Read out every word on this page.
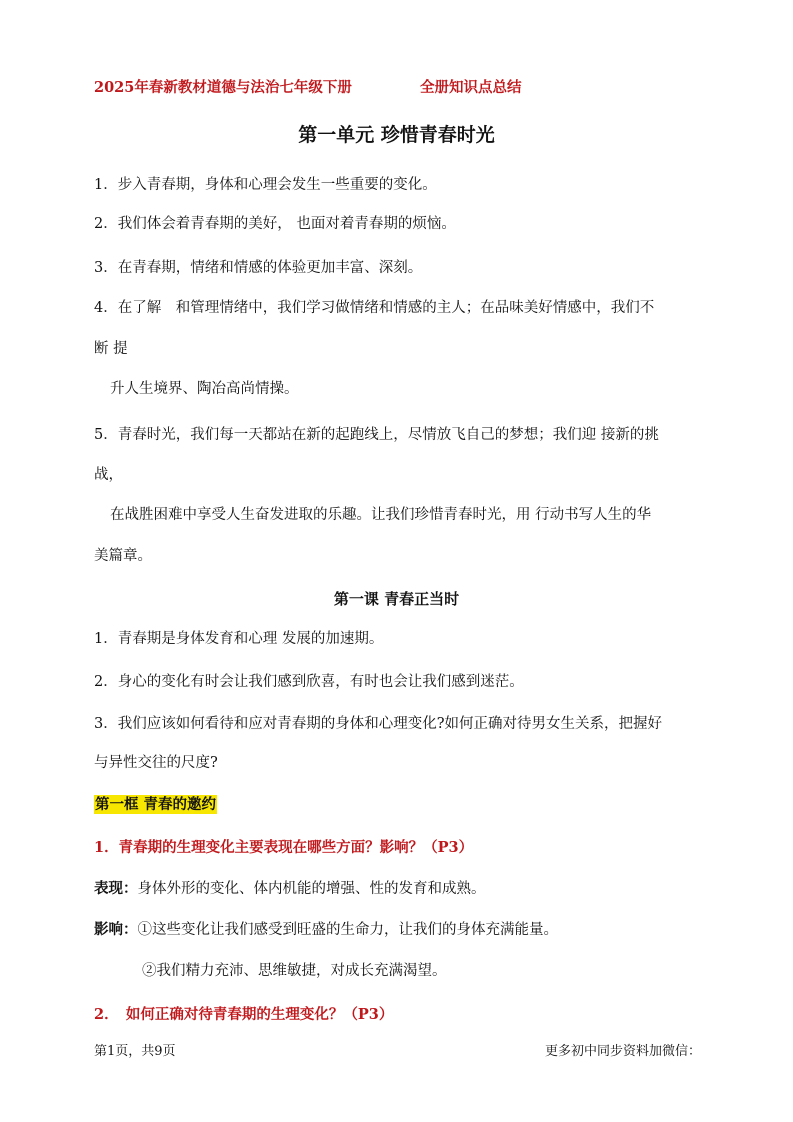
2025年春新教材道德与法治七年级下册	全册知识点总结
第一单元 珍惜青春时光
1．步入青春期，身体和心理会发生一些重要的变化。
2．我们体会着青春期的美好， 也面对着青春期的烦恼。
3．在青春期，情绪和情感的体验更加丰富、深刻。
4．在了解　和管理情绪中，我们学习做情绪和情感的主人；在品味美好情感中，我们不
断 提
升人生境界、陶冶高尚情操。
5．青春时光，我们每一天都站在新的起跑线上，尽情放飞自己的梦想；我们迎 接新的挑
战，
在战胜困难中享受人生奋发进取的乐趣。让我们珍惜青春时光，用 行动书写人生的华
美篇章。
第一课 青春正当时
1．青春期是身体发育和心理 发展的加速期。
2．身心的变化有时会让我们感到欣喜，有时也会让我们感到迷茫。
3．我们应该如何看待和应对青春期的身体和心理变化?如何正确对待男女生关系，把握好
与异性交往的尺度?
第一框 青春的邀约
1．青春期的生理变化主要表现在哪些方面？影响？（P3）
表现：身体外形的变化、体内机能的增强、性的发育和成熟。
影响：①这些变化让我们感受到旺盛的生命力，让我们的身体充满能量。
②我们精力充沛、思维敏捷，对成长充满渴望。
2．　如何正确对待青春期的生理变化？（P3）
第1页，共9页	更多初中同步资料加微信：
